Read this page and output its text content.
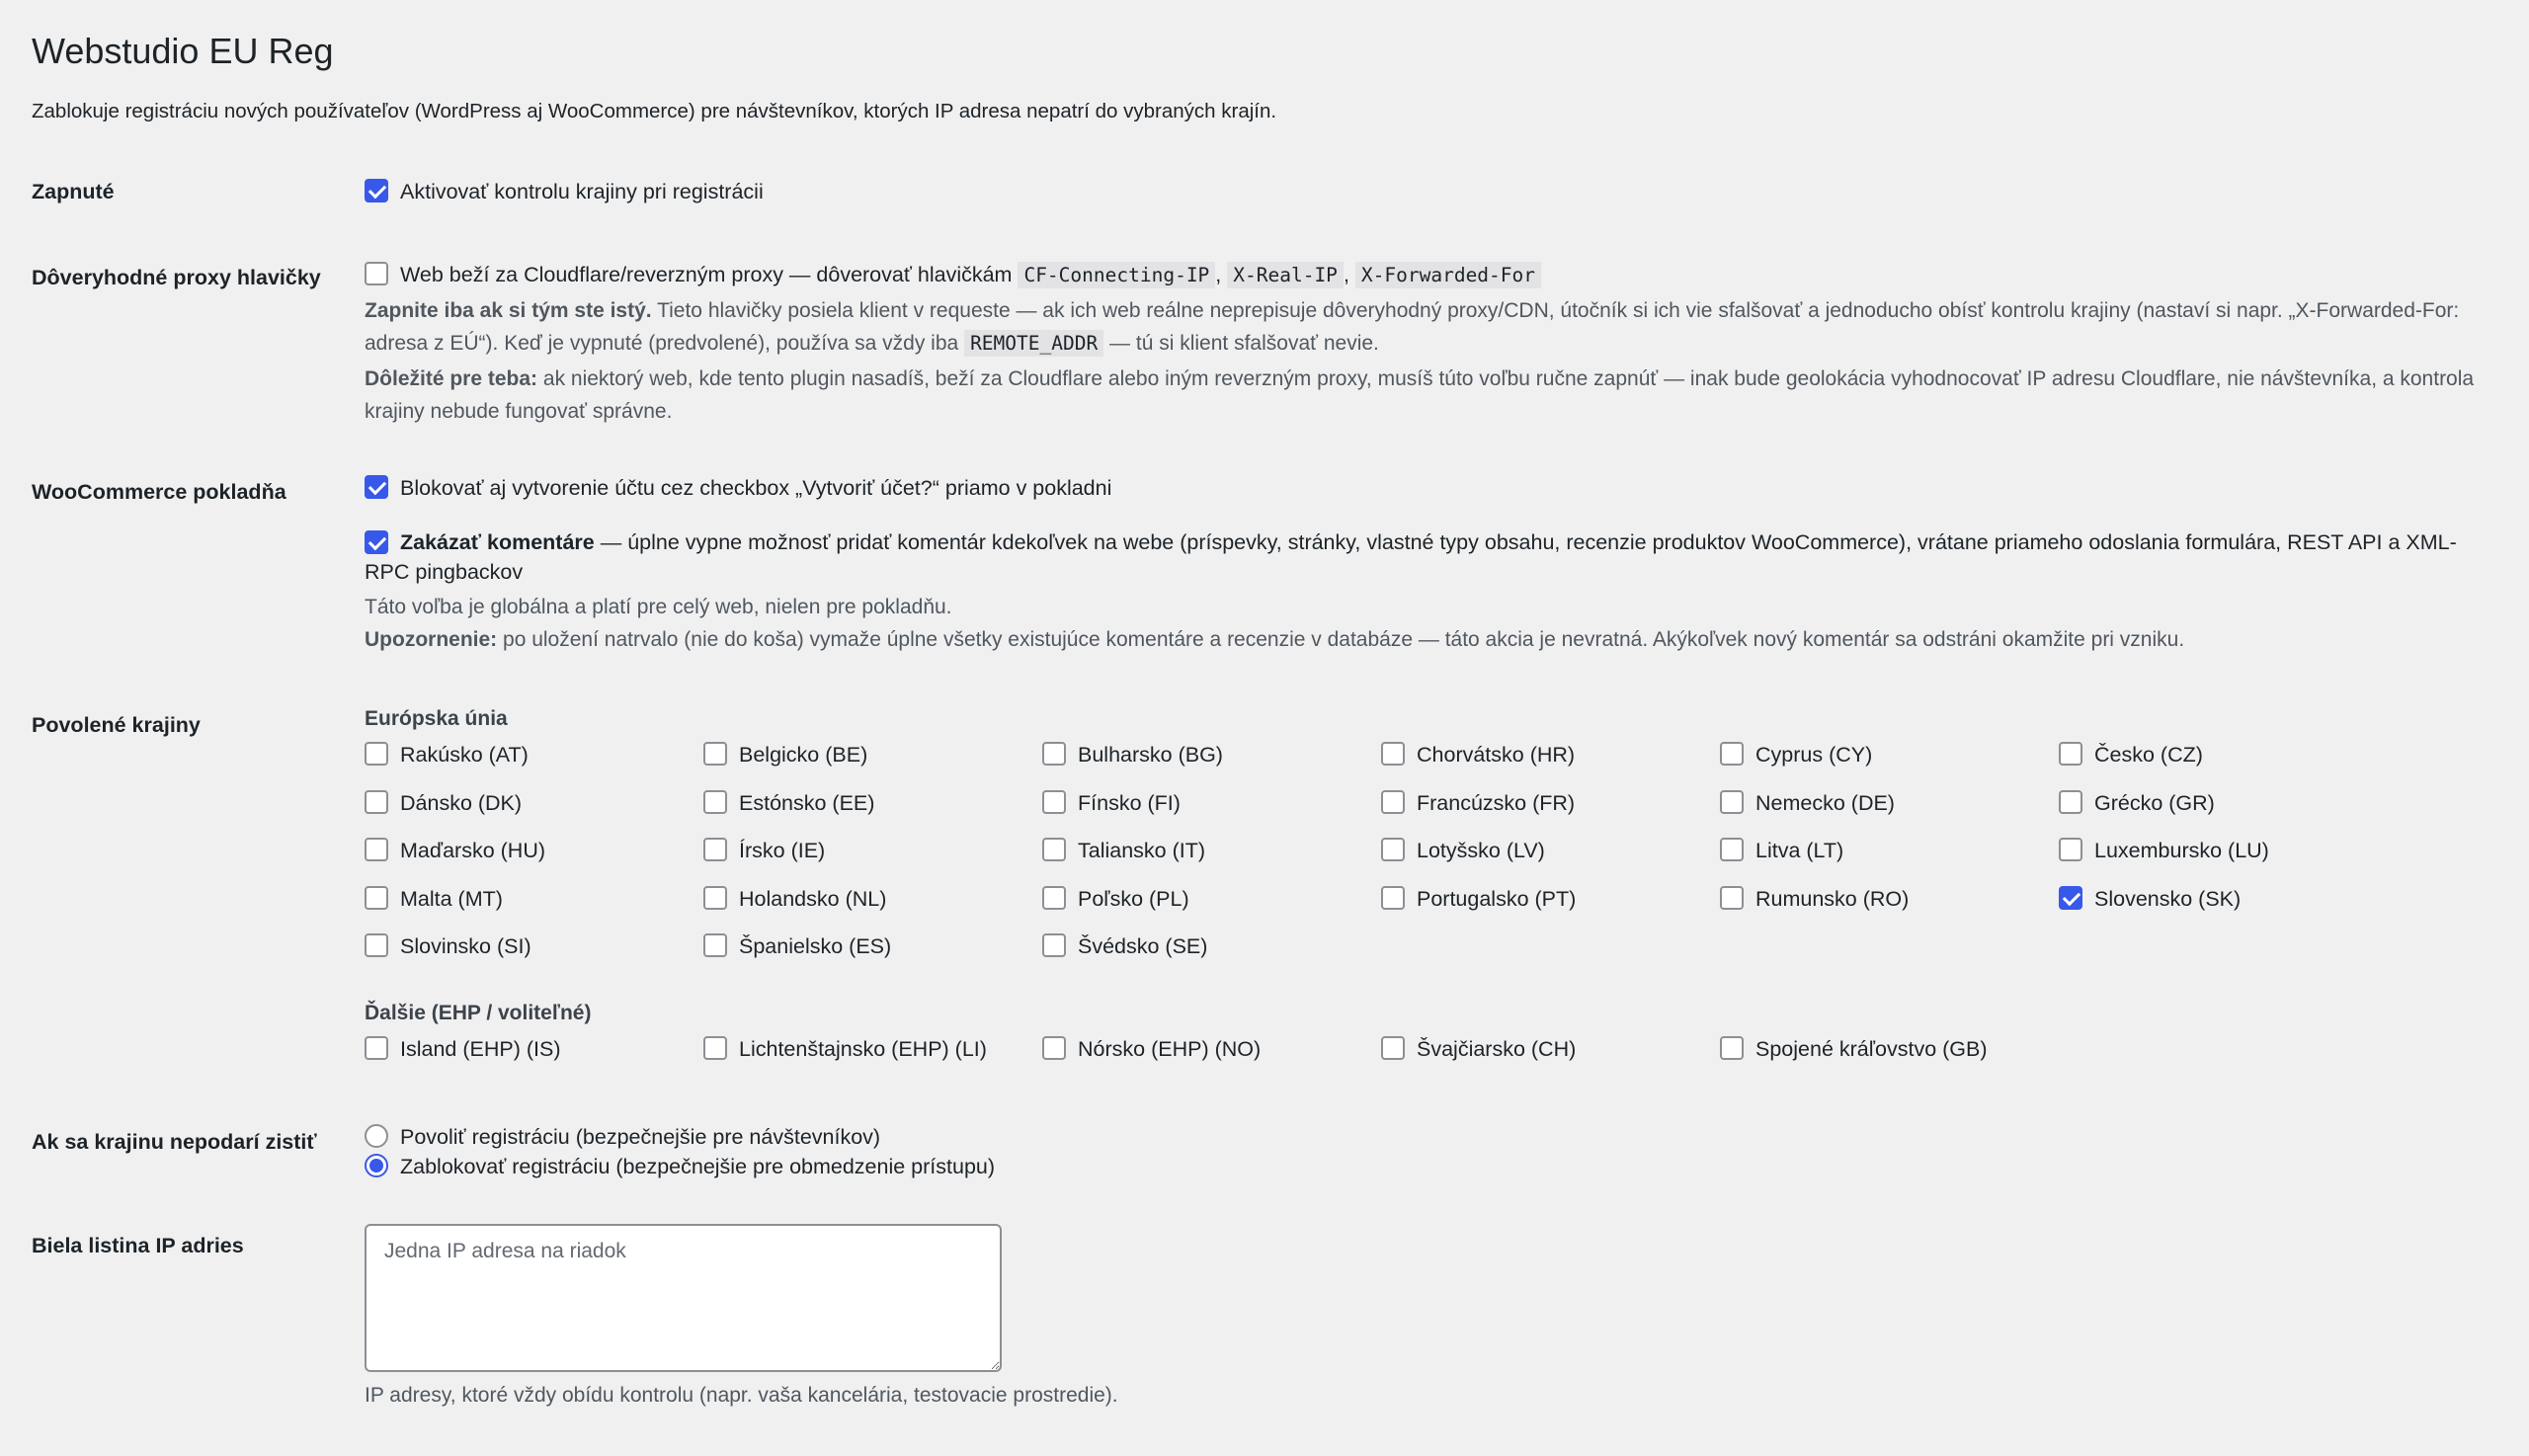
Webstudio EU Reg

Zablokuje registráciu nových používateľov (WordPress aj WooCommerce) pre návštevníkov, ktorých IP adresa nepatrí do vybraných krajín.

Zapnuté	Aktivovať kontrolu krajiny pri registrácii
Dôveryhodné proxy hlavičky	Web beží za Cloudflare/reverzným proxy — dôverovať hlavičkám CF-Connecting-IP , X-Real-IP , X-Forwarded-For
Zapnite iba ak si tým ste istý. Tieto hlavičky posiela klient v requeste — ak ich web reálne neprepisuje dôveryhodný proxy/CDN, útočník si ich vie sfalšovať a jednoducho obísť kontrolu krajiny (nastaví si napr. „X-Forwarded-For: adresa z EÚ“). Keď je vypnuté (predvolené), používa sa vždy iba REMOTE_ADDR — tú si klient sfalšovať nevie.
Dôležité pre teba: ak niektorý web, kde tento plugin nasadíš, beží za Cloudflare alebo iným reverzným proxy, musíš túto voľbu ručne zapnúť — inak bude geolokácia vyhodnocovať IP adresu Cloudflare, nie návštevníka, a kontrola krajiny nebude fungovať správne.
WooCommerce pokladňa	Blokovať aj vytvorenie účtu cez checkbox „Vytvoriť účet?“ priamo v pokladni
Zakázať komentáre — úplne vypne možnosť pridať komentár kdekoľvek na webe (príspevky, stránky, vlastné typy obsahu, recenzie produktov WooCommerce), vrátane priameho odoslania formulára, REST API a XML-RPC pingbackov
Táto voľba je globálna a platí pre celý web, nielen pre pokladňu.
Upozornenie: po uložení natrvalo (nie do koša) vymaže úplne všetky existujúce komentáre a recenzie v databáze — táto akcia je nevratná. Akýkoľvek nový komentár sa odstráni okamžite pri vzniku.
Povolené krajiny	Európska únia
Rakúsko (AT)	Belgicko (BE)	Bulharsko (BG)	Chorvátsko (HR)	Cyprus (CY)	Česko (CZ)
Dánsko (DK)	Estónsko (EE)	Fínsko (FI)	Francúzsko (FR)	Nemecko (DE)	Grécko (GR)
Maďarsko (HU)	Írsko (IE)	Taliansko (IT)	Lotyšsko (LV)	Litva (LT)	Luxembursko (LU)
Malta (MT)	Holandsko (NL)	Poľsko (PL)	Portugalsko (PT)	Rumunsko (RO)	Slovensko (SK)
Slovinsko (SI)	Španielsko (ES)	Švédsko (SE)
Ďalšie (EHP / voliteľné)
Island (EHP) (IS)	Lichtenštajnsko (EHP) (LI)	Nórsko (EHP) (NO)	Švajčiarsko (CH)	Spojené kráľovstvo (GB)
Ak sa krajinu nepodarí zistiť	Povoliť registráciu (bezpečnejšie pre návštevníkov)
Zablokovať registráciu (bezpečnejšie pre obmedzenie prístupu)
Biela listina IP adries
Jedna IP adresa na riadok
IP adresy, ktoré vždy obídu kontrolu (napr. vaša kancelária, testovacie prostredie).
